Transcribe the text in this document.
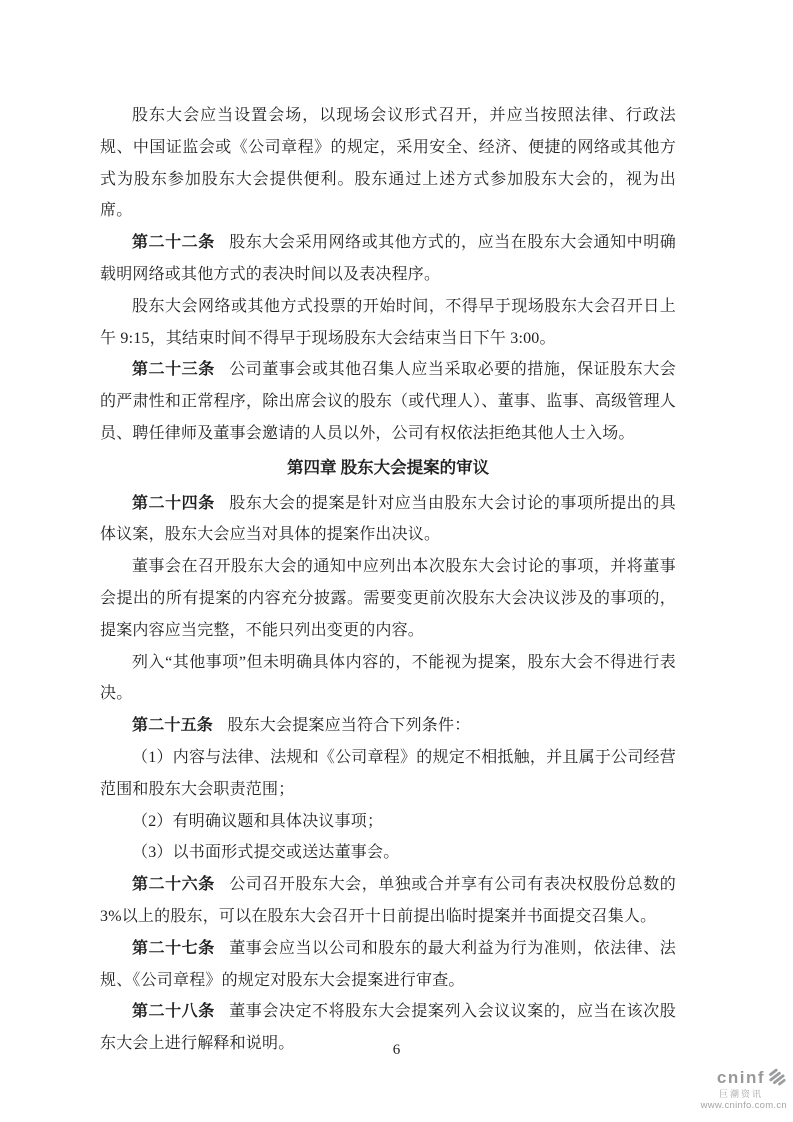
股东大会应当设置会场，以现场会议形式召开，并应当按照法律、行政法规、中国证监会或《公司章程》的规定，采用安全、经济、便捷的网络或其他方式为股东参加股东大会提供便利。股东通过上述方式参加股东大会的，视为出席。

第二十二条 股东大会采用网络或其他方式的，应当在股东大会通知中明确载明网络或其他方式的表决时间以及表决程序。

股东大会网络或其他方式投票的开始时间，不得早于现场股东大会召开日上午 9:15，其结束时间不得早于现场股东大会结束当日下午 3:00。

第二十三条 公司董事会或其他召集人应当采取必要的措施，保证股东大会的严肃性和正常程序，除出席会议的股东（或代理人）、董事、监事、高级管理人员、聘任律师及董事会邀请的人员以外，公司有权依法拒绝其他人士入场。

第四章 股东大会提案的审议

第二十四条 股东大会的提案是针对应当由股东大会讨论的事项所提出的具体议案，股东大会应当对具体的提案作出决议。

董事会在召开股东大会的通知中应列出本次股东大会讨论的事项，并将董事会提出的所有提案的内容充分披露。需要变更前次股东大会决议涉及的事项的，提案内容应当完整，不能只列出变更的内容。

列入“其他事项”但未明确具体内容的，不能视为提案，股东大会不得进行表决。

第二十五条 股东大会提案应当符合下列条件：

（1）内容与法律、法规和《公司章程》的规定不相抵触，并且属于公司经营范围和股东大会职责范围；

（2）有明确议题和具体决议事项；

（3）以书面形式提交或送达董事会。

第二十六条 公司召开股东大会，单独或合并享有公司有表决权股份总数的3%以上的股东，可以在股东大会召开十日前提出临时提案并书面提交召集人。

第二十七条 董事会应当以公司和股东的最大利益为行为准则，依法律、法规、《公司章程》的规定对股东大会提案进行审查。

第二十八条 董事会决定不将股东大会提案列入会议议案的，应当在该次股东大会上进行解释和说明。	6
cninf
巨潮资讯
www.cninfo.com.cn
